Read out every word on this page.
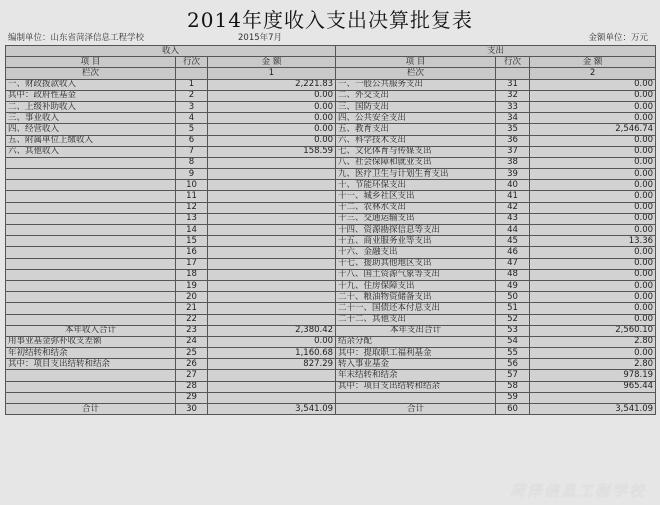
2014年度收入支出决算批复表
编制单位：山东省菏泽信息工程学校	2015年7月	金额单位：万元
收入			支出		
项 目	行次	金 额	项 目	行次	金 额
栏次		1	栏次		2
一、财政拨款收入	1	2,221.83	一、一般公共服务支出	31	0.00
其中：政府性基金	2	0.00	二、外交支出	32	0.00
二、上级补助收入	3	0.00	三、国防支出	33	0.00
三、事业收入	4	0.00	四、公共安全支出	34	0.00
四、经营收入	5	0.00	五、教育支出	35	2,546.74
五、附属单位上缴收入	6	0.00	六、科学技术支出	36	0.00
六、其他收入	7	158.59	七、文化体育与传媒支出	37	0.00
	8		八、社会保障和就业支出	38	0.00
	9		九、医疗卫生与计划生育支出	39	0.00
	10		十、节能环保支出	40	0.00
	11		十一、城乡社区支出	41	0.00
	12		十二、农林水支出	42	0.00
	13		十三、交通运输支出	43	0.00
	14		十四、资源勘探信息等支出	44	0.00
	15		十五、商业服务业等支出	45	13.36
	16		十六、金融支出	46	0.00
	17		十七、援助其他地区支出	47	0.00
	18		十八、国土资源气象等支出	48	0.00
	19		十九、住房保障支出	49	0.00
	20		二十、粮油物资储备支出	50	0.00
	21		二十一、国债还本付息支出	51	0.00
	22		二十二、其他支出	52	0.00
本年收入合计	23	2,380.42	本年支出合计	53	2,560.10
用事业基金弥补收支差额	24	0.00	结余分配	54	2.80
年初结转和结余	25	1,160.68	其中：提取职工福利基金	55	0.00
其中：项目支出结转和结余	26	827.29	转入事业基金	56	2.80
	27		年末结转和结余	57	978.19
	28		其中：项目支出结转和结余	58	965.44
	29			59	
合计	30	3,541.09	合计	60	3,541.09
菏泽信息工程学校
